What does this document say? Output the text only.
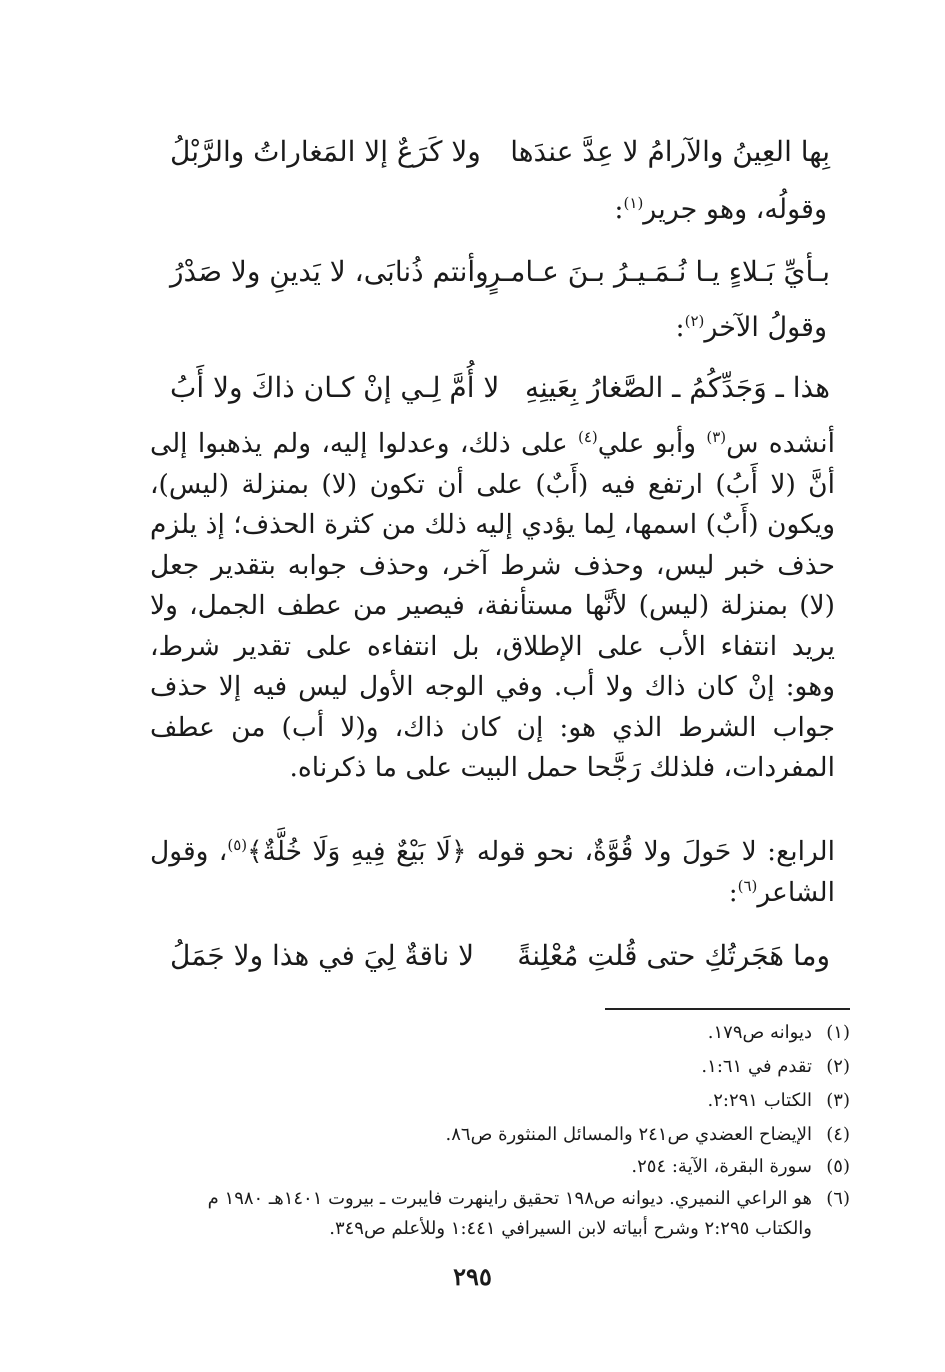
بِها العِينُ والآرامُ لا عِدَّ عندَها
ولا كَرَعٌ إلا المَغاراتُ والرَّبْلُ
وقولُه، وهو جرير$^{(١)}$:
بـأيِّ بَـلاءٍ يـا نُـمَـيـرُ بـنَ عـامـرٍ
وأنتم ذُنابَى، لا يَدينِ ولا صَدْرُ
وقولُ الآخر$^{(٢)}$:
هذا ـ وَجَدِّكُمُ ـ الصَّغارُ بِعَينِهِ
لا أُمَّ لِـي إنْ كـان ذاكَ ولا أَبُ
أنشده س$^{(٣)}$ وأبو علي$^{(٤)}$ على ذلك، وعدلوا إليه، ولم يذهبوا إلى أنَّ (لا أَبُ) ارتفع فيه (أَبٌ) على أن تكون (لا) بمنزلة (ليس)، ويكون (أَبٌ) اسمها، لِما يؤدي إليه ذلك من كثرة الحذف؛ إذ يلزم حذف خبر ليس، وحذف شرط آخر، وحذف جوابه بتقدير جعل (لا) بمنزلة (ليس) لأنَّها مستأنفة، فيصير من عطف الجمل، ولا يريد انتفاء الأب على الإطلاق، بل انتفاءه على تقدير شرط، وهو: إنْ كان ذاك ولا أب. وفي الوجه الأول ليس فيه إلا حذف جواب الشرط الذي هو: إن كان ذاك، و(لا أب) من عطف المفردات، فلذلك رَجَّحا حمل البيت على ما ذكرناه.
الرابع: لا حَولَ ولا قُوَّةٌ، نحو قوله ﴿لَا بَيْعٌ فِيهِ وَلَا خُلَّةٌ﴾$^{(٥)}$، وقول الشاعر$^{(٦)}$:
وما هَجَرتُكِ حتى قُلتِ مُعْلِنةً
لا ناقةٌ لِيَ في هذا ولا جَمَلُ
(١)ديوانه ص١٧٩.
(٢)تقدم في ١:٦١.
(٣)الكتاب ٢:٢٩١.
(٤)الإيضاح العضدي ص٢٤١ والمسائل المنثورة ص٨٦.
(٥)سورة البقرة، الآية: ٢٥٤.
(٦)هو الراعي النميري. ديوانه ص١٩٨ تحقيق راينهرت فايبرت ـ بيروت ١٤٠١هـ ١٩٨٠ م
والكتاب ٢:٢٩٥ وشرح أبياته لابن السيرافي ١:٤٤١ وللأعلم ص٣٤٩.
٢٩٥
